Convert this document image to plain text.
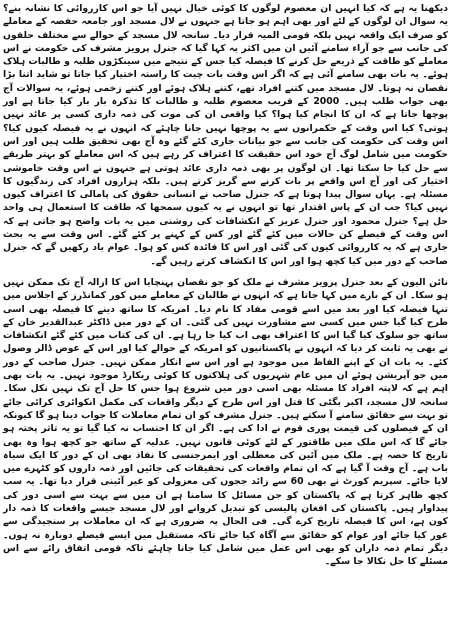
دیکھنا یہ ہے کہ کیا انہیں ان معصوم لوگوں کا کوئی خیال نہیں آیا جو اس کارروائی کا نشانہ بنے؟ یہ سوال ان لوگوں کے لئے اور بھی اہم ہو جاتا ہے جنہوں نے لال مسجد اور جامعہ حفصہ کے معاملے کو صرف ایک واقعہ نہیں بلکہ قومی المیہ قرار دیا۔ سانحہ لال مسجد کے حوالے سے مختلف حلقوں کی جانب سے جو آراء سامنے آئیں ان میں اکثر یہ کہا گیا کہ جنرل پرویز مشرف کی حکومت نے اس معاملے کو طاقت کے ذریعے حل کرنے کا فیصلہ کیا جس کے نتیجے میں سینکڑوں طلبہ و طالبات ہلاک ہوئے۔ یہ بات بھی سامنے آئی ہے کہ اگر اس وقت بات چیت کا راستہ اختیار کیا جاتا تو شاید اتنا بڑا نقصان نہ ہوتا۔ لال مسجد میں کتنے افراد تھے، کتنے ہلاک ہوئے اور کتنے زخمی ہوئے، یہ سوالات آج بھی جواب طلب ہیں۔ 2000 کے قریب معصوم طلبہ و طالبات کا تذکرہ بار بار کیا جاتا ہے اور پوچھا جاتا ہے کہ ان کا انجام کیا ہوا؟ کیا واقعی ان کی موت کی ذمہ داری کسی پر عائد نہیں ہوتی؟ کیا اس وقت کے حکمرانوں سے یہ پوچھا نہیں جانا چاہئے کہ انہوں نے یہ فیصلہ کیوں کیا؟ اس وقت کی حکومت کی جانب سے جو بیانات جاری کئے گئے وہ آج بھی تحقیق طلب ہیں اور اس حکومت میں شامل لوگ آج خود اس حقیقت کا اعتراف کر رہے ہیں کہ اس معاملے کو بہتر طریقے سے حل کیا جا سکتا تھا۔ ان لوگوں پر بھی ذمہ داری عائد ہوتی ہے جنہوں نے اس وقت خاموشی اختیار کی اور آج اس واقعے پر بات کرنے سے گریز کرتے ہیں۔ بلکہ ہزاروں افراد کی زندگیوں کا مسئلہ ہے۔ یہاں سوال پیدا ہوتا ہے کہ جنرل صاحب نے انسانی حقوق کی پامالی کا اعتراف کیوں نہیں کیا؟ جب ان کے پاس اقتدار تھا تو انہوں نے یہ کیوں سمجھا کہ طاقت کا استعمال ہی واحد حل ہے؟ جنرل محمود اور جنرل عزیز کے انکشافات کی روشنی میں یہ بات واضح ہو جاتی ہے کہ اس وقت کے فیصلے کن حالات میں کئے گئے اور کس کے کہنے پر کئے گئے۔ اس وقت سے یہ بحث جاری ہے کہ یہ کارروائی کیوں کی گئی اور اس کا فائدہ کس کو ہوا۔ عوام یاد رکھیں گے کہ جنرل صاحب کے دور میں کیا کچھ ہوا اور اس کا انکشاف کرتے رہیں گے۔

نائن الیون کے بعد جنرل پرویز مشرف نے ملک کو جو نقصان پہنچایا اس کا ازالہ آج تک ممکن نہیں ہو سکا۔ ان کے بارے میں کہا جاتا ہے کہ انہوں نے طالبان کے معاملے میں کور کمانڈرز کے اجلاس میں تنہا فیصلہ کیا اور بعد میں اسے قومی مفاد کا نام دیا۔ امریکہ کا ساتھ دینے کا فیصلہ بھی اسی طرح کیا گیا جس میں کسی سے مشاورت نہیں کی گئی۔ ان کے دور میں ڈاکٹر عبدالقدیر خان کے ساتھ جو سلوک کیا گیا اس کا اعتراف بھی اب کیا جا رہا ہے۔ ان کی کتاب میں کئے گئے انکشافات نے بھی یہ ثابت کر دیا کہ انہوں نے پاکستانیوں کو امریکہ کے حوالے کیا اور اس کے عوض ڈالر وصول کئے۔ یہ بات ان کے اپنے الفاظ میں موجود ہے اور اس سے انکار ممکن نہیں۔ جنرل صاحب کے دور میں جو آپریشن ہوئے ان میں عام شہریوں کی ہلاکتوں کا کوئی ریکارڈ موجود نہیں۔ یہ بات بھی اہم ہے کہ لاپتہ افراد کا مسئلہ بھی اسی دور میں شروع ہوا جس کا حل آج تک نہیں نکل سکا۔ سانحہ لال مسجد، اکبر بگٹی کا قتل اور اس طرح کے دیگر واقعات کی مکمل انکوائری کرائی جائے تو بہت سے حقائق سامنے آ سکتے ہیں۔ جنرل مشرف کو ان تمام معاملات کا جواب دینا ہو گا کیونکہ ان کے فیصلوں کی قیمت پوری قوم نے ادا کی ہے۔ اگر ان کا احتساب نہ کیا گیا تو یہ تاثر پختہ ہو جائے گا کہ اس ملک میں طاقتور کے لئے کوئی قانون نہیں۔ عدلیہ کے ساتھ جو کچھ ہوا وہ بھی تاریخ کا حصہ ہے۔ ملک میں آئین کی معطلی اور ایمرجنسی کا نفاذ بھی ان کے دور کا ایک سیاہ باب ہے۔ آج وقت آ گیا ہے کہ ان تمام واقعات کی تحقیقات کی جائیں اور ذمہ داروں کو کٹہرے میں لایا جائے۔ سپریم کورٹ نے بھی 60 سے زائد ججوں کی معزولی کو غیر آئینی قرار دیا تھا۔ یہ سب کچھ ظاہر کرتا ہے کہ پاکستان کو جن مسائل کا سامنا ہے ان میں سے بہت سے اسی دور کی پیداوار ہیں۔ پاکستان کی افغان پالیسی کو تبدیل کروانے اور لال مسجد جیسے واقعات کا ذمہ دار کون ہے، اس کا فیصلہ تاریخ کرے گی۔ فی الحال یہ ضروری ہے کہ ان معاملات پر سنجیدگی سے غور کیا جائے اور عوام کو حقائق سے آگاہ کیا جائے تاکہ مستقبل میں ایسے فیصلے دوبارہ نہ ہوں۔ دیگر تمام ذمہ داران کو بھی اس عمل میں شامل کیا جانا چاہئے تاکہ قومی اتفاق رائے سے اس مسئلے کا حل نکالا جا سکے۔
